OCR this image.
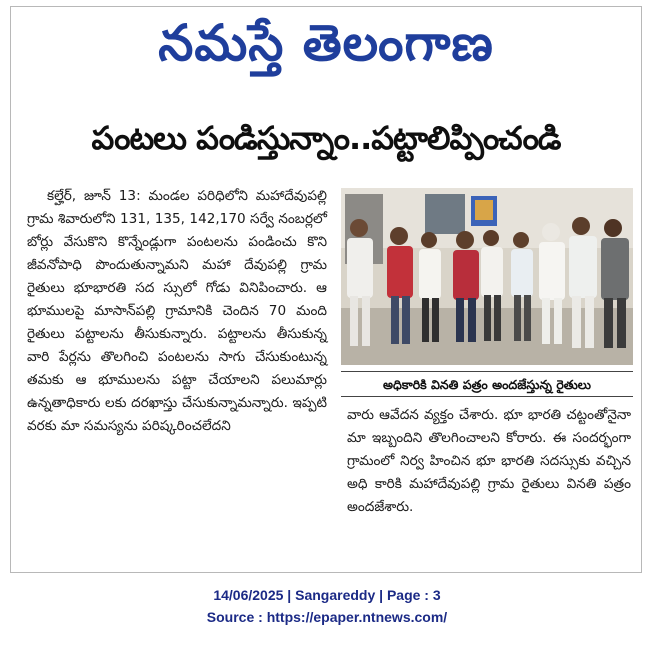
నమస్తే తెలంగాణ
పంటలు పండిస్తున్నాం..పట్టాలిప్పించండి

కల్హేర్, జూన్ 13: మండల పరిధిలోని మహాదేవుపల్లి గ్రామ శివారులోని 131, 135, 142,170 సర్వే నంబర్లలో బోర్లు వేసుకొని కొన్నేండ్లుగా పంటలను పండించు కొని జీవనోపాధి పొందుతున్నామని మహా దేవుపల్లి గ్రామ రైతులు భూభారతి సద స్సులో గోడు వినిపించారు. ఆ భూములపై మాసాన్‌పల్లి గ్రామానికి చెందిన 70 మంది రైతులు పట్టాలను తీసుకున్నారు. పట్టాలను తీసుకున్న వారి పేర్లను తొలగించి పంటలను సాగు చేసుకుంటున్న తమకు ఆ భూములను పట్టా చేయాలని పలుమార్లు ఉన్నతాధికారు లకు దరఖాస్తు చేసుకున్నామన్నారు. ఇప్పటి వరకు మా సమస్యను పరిష్కరించలేదని

అధికారికి వినతి పత్రం అందజేస్తున్న రైతులు

వారు ఆవేదన వ్యక్తం చేశారు. భూ భారతి చట్టంతోనైనా మా ఇబ్బందిని తొలగించాలని కోరారు. ఈ సందర్భంగా గ్రామంలో నిర్వ హించిన భూ భారతి సదస్సుకు వచ్చిన అధి కారికి మహాదేవుపల్లి గ్రామ రైతులు వినతి పత్రం అందజేశారు.

14/06/2025 | Sangareddy | Page : 3
Source : https://epaper.ntnews.com/
